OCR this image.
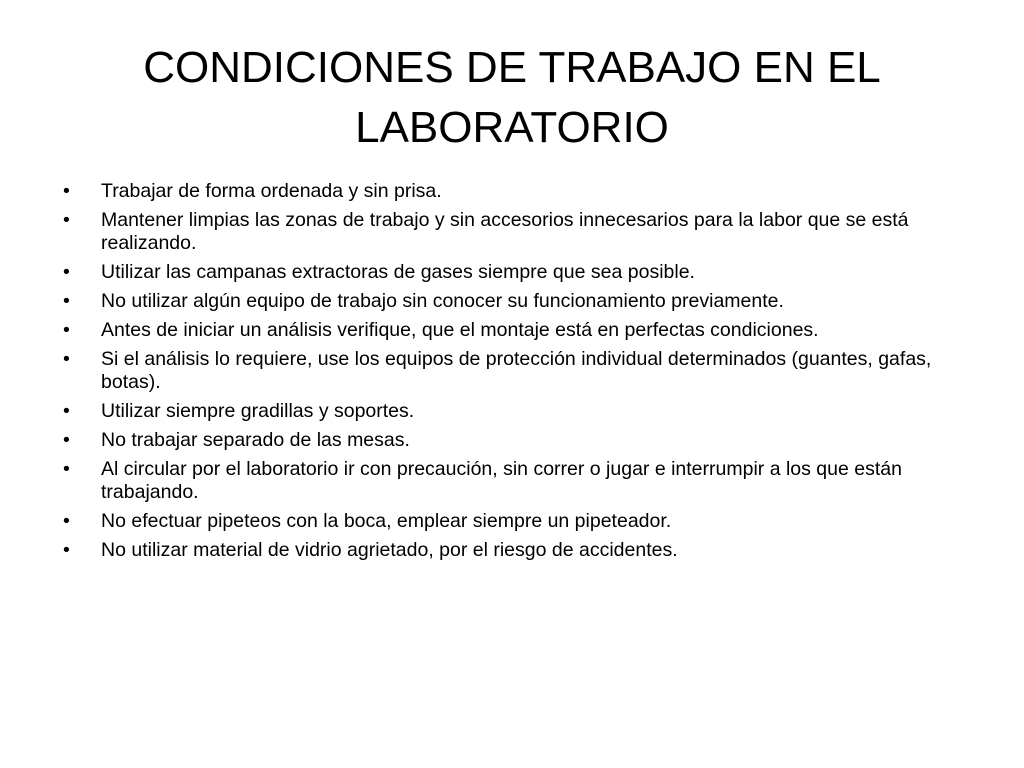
CONDICIONES DE TRABAJO EN EL LABORATORIO
•	Trabajar de forma ordenada y sin prisa.
•	Mantener limpias las zonas de trabajo y sin accesorios innecesarios para la labor que se está realizando.
•	Utilizar las campanas extractoras de gases siempre que sea posible.
•	No utilizar algún equipo de trabajo sin conocer su funcionamiento previamente.
•	Antes de iniciar un análisis verifique, que el montaje está en perfectas condiciones.
•	Si el análisis lo requiere, use los equipos de protección individual determinados (guantes, gafas, botas).
•	Utilizar siempre gradillas y soportes.
•	No trabajar separado de las mesas.
•	Al circular por el laboratorio ir con precaución, sin correr o jugar e interrumpir a los que están trabajando.
•	No efectuar pipeteos con la boca, emplear siempre un pipeteador.
•	No utilizar material de vidrio agrietado, por el riesgo de accidentes.
